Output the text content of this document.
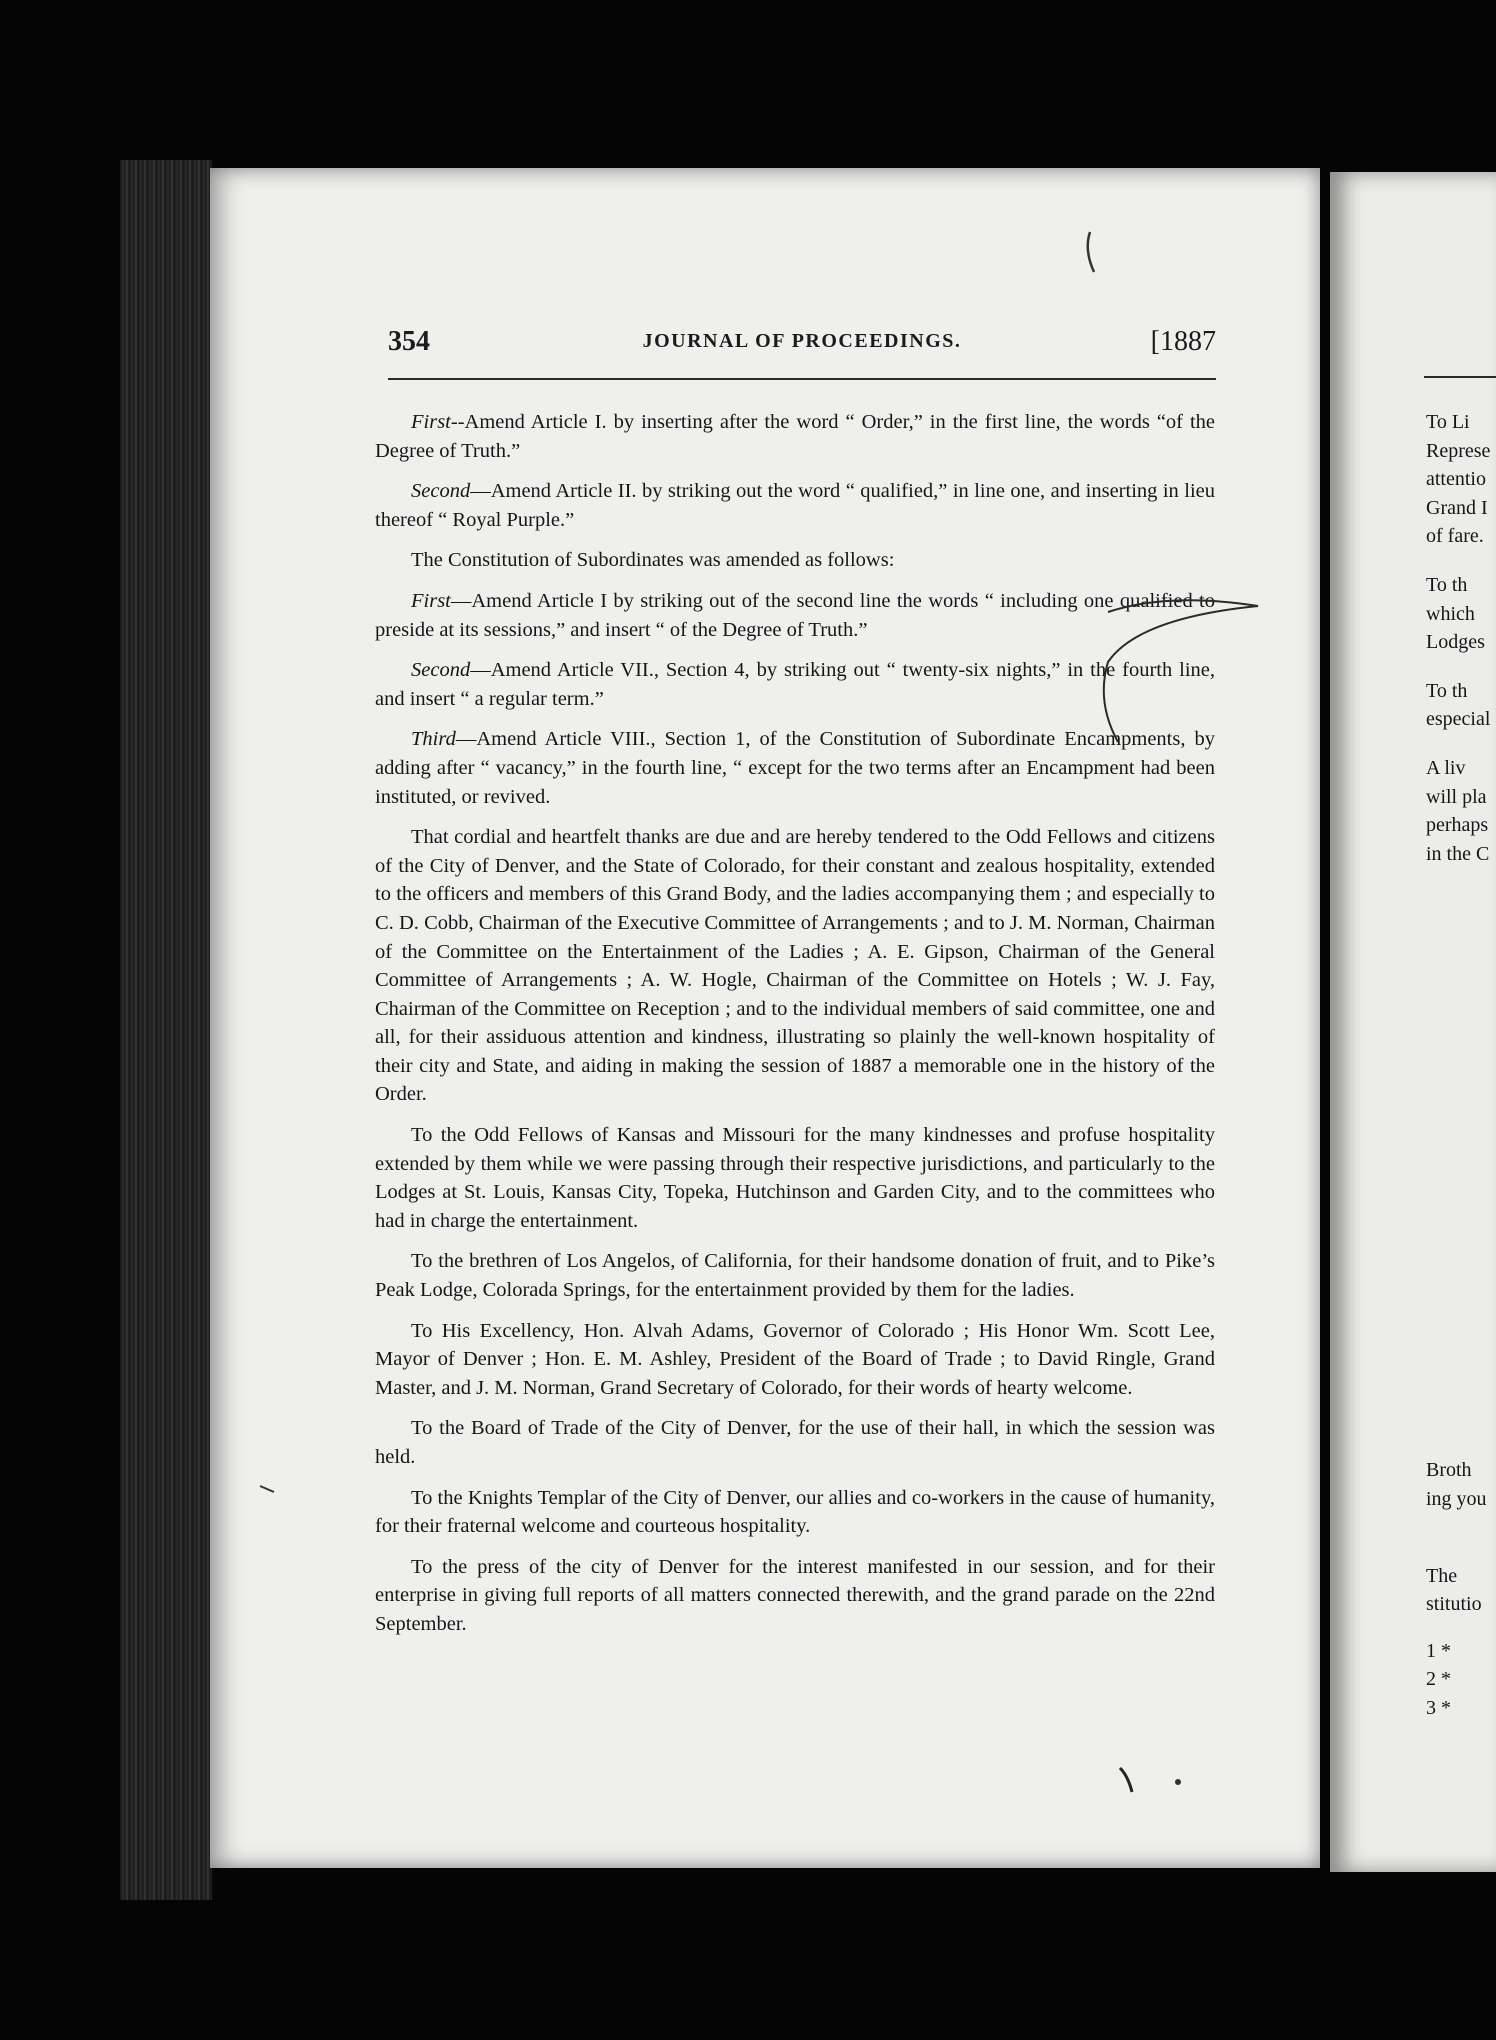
354	JOURNAL OF PROCEEDINGS.	[1887

First--Amend Article I. by inserting after the word “ Order,” in the first line, the words “of the Degree of Truth.”

Second—Amend Article II. by striking out the word “ qualified,” in line one, and inserting in lieu thereof “ Royal Purple.”

The Constitution of Subordinates was amended as follows:

First—Amend Article I by striking out of the second line the words “ including one qualified to preside at its sessions,” and insert “ of the Degree of Truth.”

Second—Amend Article VII., Section 4, by striking out “ twenty-six nights,” in the fourth line, and insert “ a regular term.”

Third—Amend Article VIII., Section 1, of the Constitution of Subordinate Encampments, by adding after “ vacancy,” in the fourth line, “ except for the two terms after an Encampment had been instituted, or revived.

That cordial and heartfelt thanks are due and are hereby tendered to the Odd Fellows and citizens of the City of Denver, and the State of Colorado, for their constant and zealous hospitality, extended to the officers and members of this Grand Body, and the ladies accompanying them ; and especially to C. D. Cobb, Chairman of the Executive Committee of Arrangements ; and to J. M. Norman, Chairman of the Committee on the Entertainment of the Ladies ; A. E. Gipson, Chairman of the General Committee of Arrangements ; A. W. Hogle, Chairman of the Committee on Hotels ; W. J. Fay, Chairman of the Committee on Reception ; and to the individual members of said committee, one and all, for their assiduous attention and kindness, illustrating so plainly the well-known hospitality of their city and State, and aiding in making the session of 1887 a memorable one in the history of the Order.

To the Odd Fellows of Kansas and Missouri for the many kindnesses and profuse hospitality extended by them while we were passing through their respective jurisdictions, and particularly to the Lodges at St. Louis, Kansas City, Topeka, Hutchinson and Garden City, and to the committees who had in charge the entertainment.

To the brethren of Los Angelos, of California, for their handsome donation of fruit, and to Pike’s Peak Lodge, Colorada Springs, for the entertainment provided by them for the ladies.

To His Excellency, Hon. Alvah Adams, Governor of Colorado ; His Honor Wm. Scott Lee, Mayor of Denver ; Hon. E. M. Ashley, President of the Board of Trade ; to David Ringle, Grand Master, and J. M. Norman, Grand Secretary of Colorado, for their words of hearty welcome.

To the Board of Trade of the City of Denver, for the use of their hall, in which the session was held.

To the Knights Templar of the City of Denver, our allies and co-workers in the cause of humanity, for their fraternal welcome and courteous hospitality.

To the press of the city of Denver for the interest manifested in our session, and for their enterprise in giving full reports of all matters connected therewith, and the grand parade on the 22nd September.

To Li
Represe
attentio
Grand I
of fare.
To th
which
Lodges
To th
especial
A liv
will pla
perhaps
in the C
Broth
ing you
The
stitutio
1 *
2 *
3 *
